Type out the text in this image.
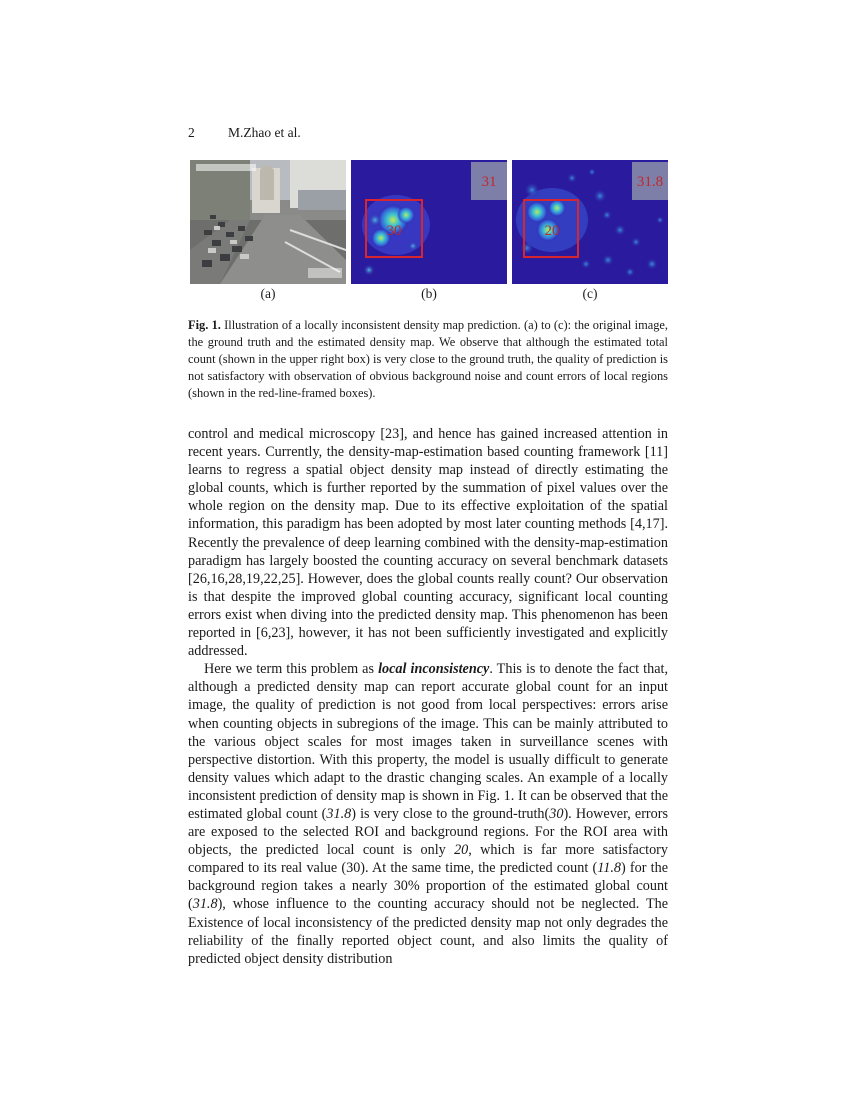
2 M.Zhao et al.
31
30
31.8
20
(a)	(b)	(c)
Fig. 1. Illustration of a locally inconsistent density map prediction. (a) to (c): the original image, the ground truth and the estimated density map. We observe that although the estimated total count (shown in the upper right box) is very close to the ground truth, the quality of prediction is not satisfactory with observation of obvious background noise and count errors of local regions (shown in the red-line-framed boxes).

control and medical microscopy [23], and hence has gained increased attention in recent years. Currently, the density-map-estimation based counting framework [11] learns to regress a spatial object density map instead of directly estimating the global counts, which is further reported by the summation of pixel values over the whole region on the density map. Due to its effective exploitation of the spatial information, this paradigm has been adopted by most later counting methods [4,17]. Recently the prevalence of deep learning combined with the density-map-estimation paradigm has largely boosted the counting accuracy on several benchmark datasets [26,16,28,19,22,25]. However, does the global counts really count? Our observation is that despite the improved global counting accuracy, significant local counting errors exist when diving into the predicted density map. This phenomenon has been reported in [6,23], however, it has not been sufficiently investigated and explicitly addressed.

Here we term this problem as local inconsistency. This is to denote the fact that, although a predicted density map can report accurate global count for an input image, the quality of prediction is not good from local perspectives: errors arise when counting objects in subregions of the image. This can be mainly attributed to the various object scales for most images taken in surveillance scenes with perspective distortion. With this property, the model is usually difficult to generate density values which adapt to the drastic changing scales. An example of a locally inconsistent prediction of density map is shown in Fig. 1. It can be observed that the estimated global count (31.8) is very close to the ground-truth(30). However, errors are exposed to the selected ROI and background regions. For the ROI area with objects, the predicted local count is only 20, which is far more satisfactory compared to its real value (30). At the same time, the predicted count (11.8) for the background region takes a nearly 30% proportion of the estimated global count (31.8), whose influence to the counting accuracy should not be neglected. The Existence of local inconsistency of the predicted density map not only degrades the reliability of the finally reported object count, and also limits the quality of predicted object density distribution
